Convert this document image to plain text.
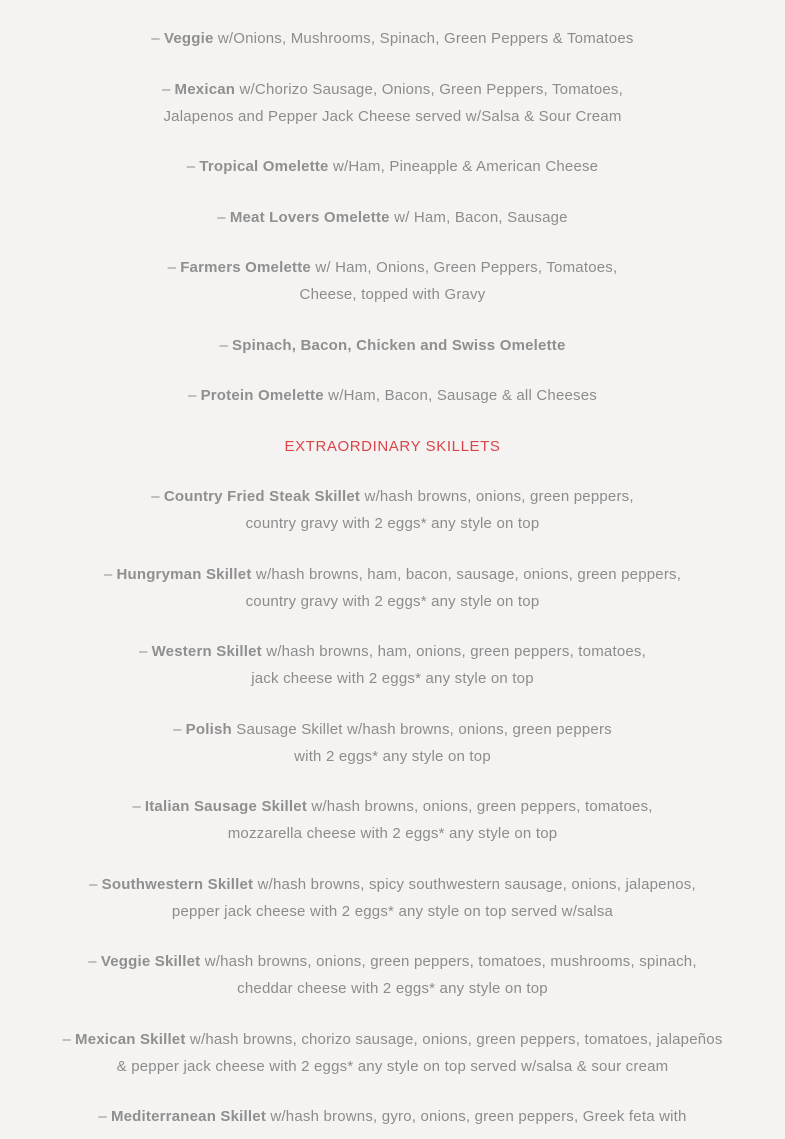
– Veggie w/Onions, Mushrooms, Spinach, Green Peppers & Tomatoes
– Mexican w/Chorizo Sausage, Onions, Green Peppers, Tomatoes,
Jalapenos and Pepper Jack Cheese served w/Salsa & Sour Cream
– Tropical Omelette w/Ham, Pineapple & American Cheese
– Meat Lovers Omelette w/ Ham, Bacon, Sausage
– Farmers Omelette w/ Ham, Onions, Green Peppers, Tomatoes,
Cheese, topped with Gravy
– Spinach, Bacon, Chicken and Swiss Omelette
– Protein Omelette w/Ham, Bacon, Sausage & all Cheeses
EXTRAORDINARY SKILLETS
– Country Fried Steak Skillet w/hash browns, onions, green peppers,
country gravy with 2 eggs* any style on top
– Hungryman Skillet w/hash browns, ham, bacon, sausage, onions, green peppers,
country gravy with 2 eggs* any style on top
– Western Skillet w/hash browns, ham, onions, green peppers, tomatoes,
jack cheese with 2 eggs* any style on top
– Polish Sausage Skillet w/hash browns, onions, green peppers
with 2 eggs* any style on top
– Italian Sausage Skillet w/hash browns, onions, green peppers, tomatoes,
mozzarella cheese with 2 eggs* any style on top
– Southwestern Skillet w/hash browns, spicy southwestern sausage, onions, jalapenos,
pepper jack cheese with 2 eggs* any style on top served w/salsa
– Veggie Skillet w/hash browns, onions, green peppers, tomatoes, mushrooms, spinach,
cheddar cheese with 2 eggs* any style on top
– Mexican Skillet w/hash browns, chorizo sausage, onions, green peppers, tomatoes, jalapeños
& pepper jack cheese with 2 eggs* any style on top served w/salsa & sour cream
– Mediterranean Skillet w/hash browns, gyro, onions, green peppers, Greek feta with
